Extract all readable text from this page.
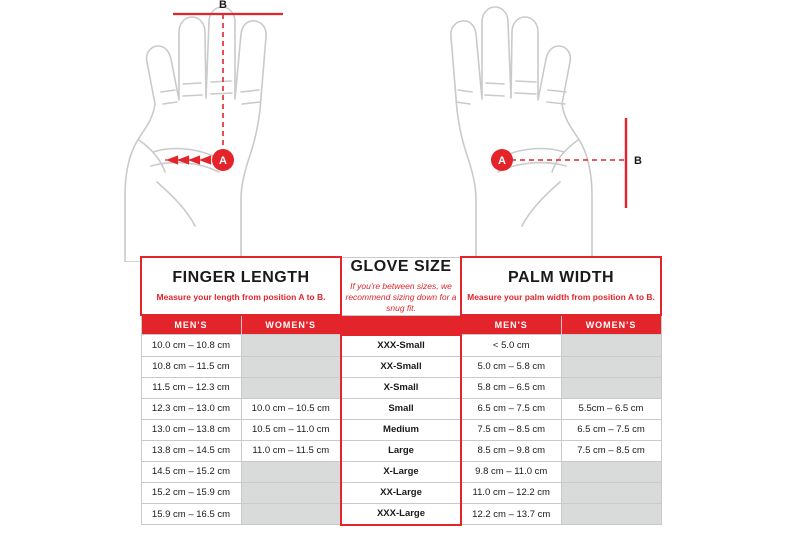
B
A	A	B
FINGER LENGTH
Measure your length from position A to B.

GLOVE SIZE
If you're between sizes, we recommend sizing down for a snug fit.

PALM WIDTH
Measure your palm width from position A to B.

MEN'S	WOMEN'S		MEN'S	WOMEN'S
10.0 cm – 10.8 cm		XXX-Small	< 5.0 cm	
10.8 cm – 11.5 cm		XX-Small	5.0 cm – 5.8 cm	
11.5 cm – 12.3 cm		X-Small	5.8 cm – 6.5 cm	
12.3 cm – 13.0 cm	10.0 cm – 10.5 cm	Small	6.5 cm – 7.5 cm	5.5cm – 6.5 cm
13.0 cm – 13.8 cm	10.5 cm – 11.0 cm	Medium	7.5 cm – 8.5 cm	6.5 cm – 7.5 cm
13.8 cm – 14.5 cm	11.0 cm – 11.5 cm	Large	8.5 cm – 9.8 cm	7.5 cm – 8.5 cm
14.5 cm – 15.2 cm		X-Large	9.8 cm – 11.0 cm	
15.2 cm – 15.9 cm		XX-Large	11.0 cm – 12.2 cm	
15.9 cm – 16.5 cm		XXX-Large	12.2 cm – 13.7 cm	
